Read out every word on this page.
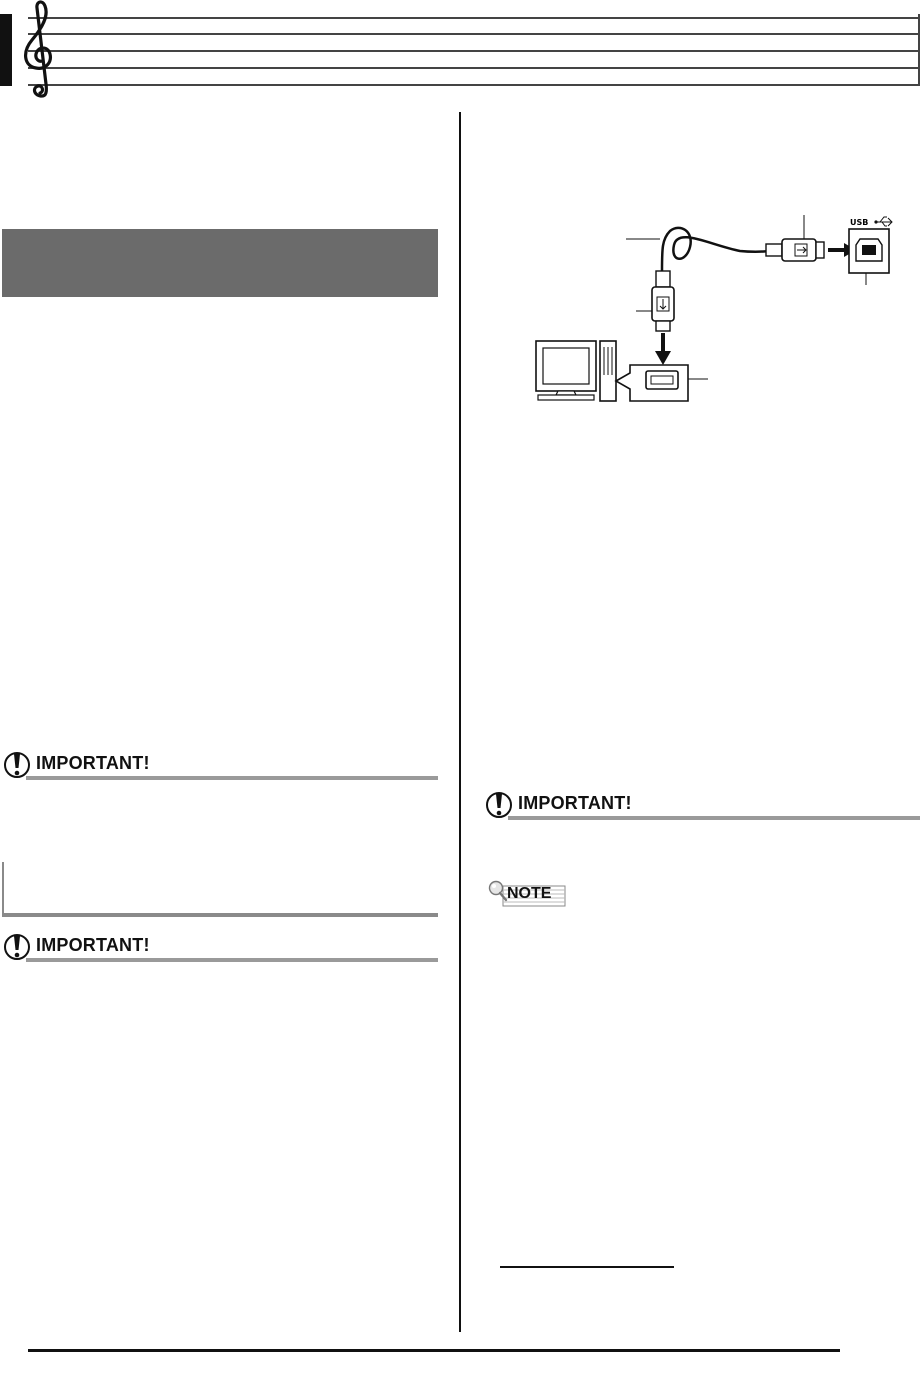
IMPORTANT!
IMPORTANT!
USB
IMPORTANT!
NOTE
